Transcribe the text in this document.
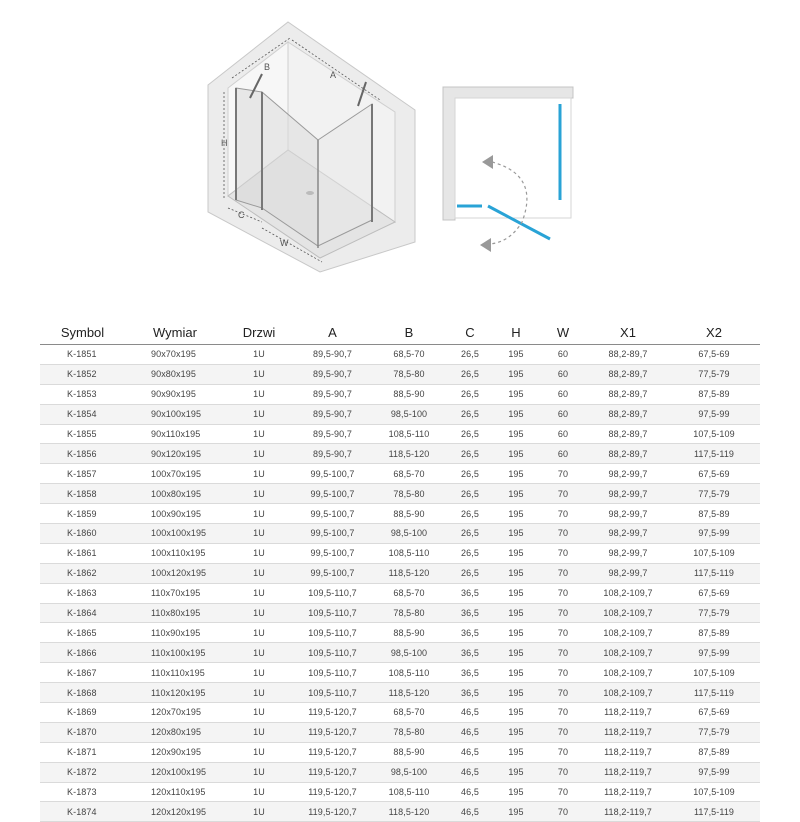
B
A
H
C
W
Symbol	Wymiar	Drzwi	A	B	C	H	W	X1	X2
K-1851	90x70x195	1U	89,5-90,7	68,5-70	26,5	195	60	88,2-89,7	67,5-69
K-1852	90x80x195	1U	89,5-90,7	78,5-80	26,5	195	60	88,2-89,7	77,5-79
K-1853	90x90x195	1U	89,5-90,7	88,5-90	26,5	195	60	88,2-89,7	87,5-89
K-1854	90x100x195	1U	89,5-90,7	98,5-100	26,5	195	60	88,2-89,7	97,5-99
K-1855	90x110x195	1U	89,5-90,7	108,5-110	26,5	195	60	88,2-89,7	107,5-109
K-1856	90x120x195	1U	89,5-90,7	118,5-120	26,5	195	60	88,2-89,7	117,5-119
K-1857	100x70x195	1U	99,5-100,7	68,5-70	26,5	195	70	98,2-99,7	67,5-69
K-1858	100x80x195	1U	99,5-100,7	78,5-80	26,5	195	70	98,2-99,7	77,5-79
K-1859	100x90x195	1U	99,5-100,7	88,5-90	26,5	195	70	98,2-99,7	87,5-89
K-1860	100x100x195	1U	99,5-100,7	98,5-100	26,5	195	70	98,2-99,7	97,5-99
K-1861	100x110x195	1U	99,5-100,7	108,5-110	26,5	195	70	98,2-99,7	107,5-109
K-1862	100x120x195	1U	99,5-100,7	118,5-120	26,5	195	70	98,2-99,7	117,5-119
K-1863	110x70x195	1U	109,5-110,7	68,5-70	36,5	195	70	108,2-109,7	67,5-69
K-1864	110x80x195	1U	109,5-110,7	78,5-80	36,5	195	70	108,2-109,7	77,5-79
K-1865	110x90x195	1U	109,5-110,7	88,5-90	36,5	195	70	108,2-109,7	87,5-89
K-1866	110x100x195	1U	109,5-110,7	98,5-100	36,5	195	70	108,2-109,7	97,5-99
K-1867	110x110x195	1U	109,5-110,7	108,5-110	36,5	195	70	108,2-109,7	107,5-109
K-1868	110x120x195	1U	109,5-110,7	118,5-120	36,5	195	70	108,2-109,7	117,5-119
K-1869	120x70x195	1U	119,5-120,7	68,5-70	46,5	195	70	118,2-119,7	67,5-69
K-1870	120x80x195	1U	119,5-120,7	78,5-80	46,5	195	70	118,2-119,7	77,5-79
K-1871	120x90x195	1U	119,5-120,7	88,5-90	46,5	195	70	118,2-119,7	87,5-89
K-1872	120x100x195	1U	119,5-120,7	98,5-100	46,5	195	70	118,2-119,7	97,5-99
K-1873	120x110x195	1U	119,5-120,7	108,5-110	46,5	195	70	118,2-119,7	107,5-109
K-1874	120x120x195	1U	119,5-120,7	118,5-120	46,5	195	70	118,2-119,7	117,5-119
